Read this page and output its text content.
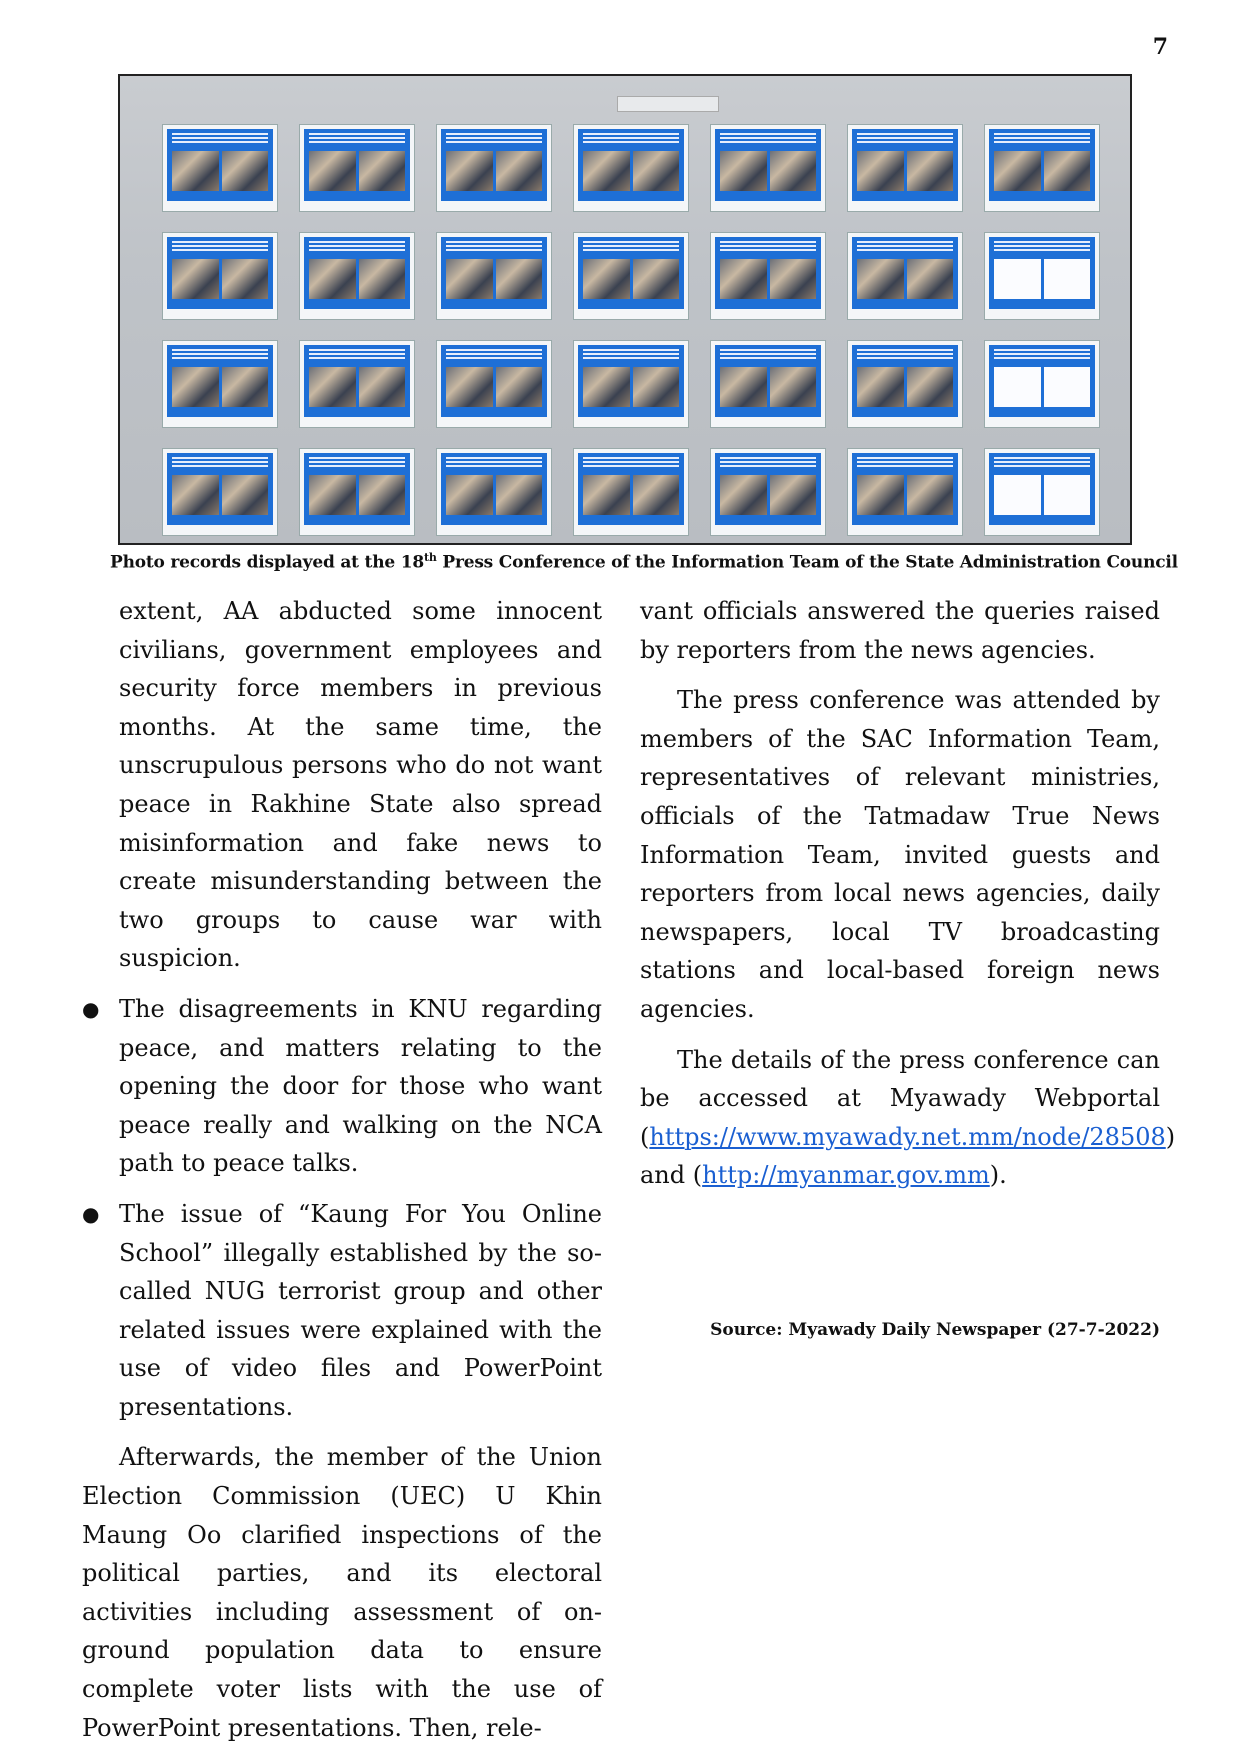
7
Photo records displayed at the 18th Press Conference of the Information Team of the State Administration Council

extent, AA abducted some innocent civilians, government employees and security force members in previous months. At the same time, the unscrupulous persons who do not want peace in Rakhine State also spread misinformation and fake news to create misunderstanding between the two groups to cause war with suspicion.

● The disagreements in KNU regarding peace, and matters relating to the opening the door for those who want peace really and walking on the NCA path to peace talks.
● The issue of “Kaung For You Online School” illegally established by the so-called NUG terrorist group and other related issues were explained with the use of video files and PowerPoint presentations.

Afterwards, the member of the Union Election Commission (UEC) U Khin Maung Oo clarified inspections of the political parties, and its electoral activities including assessment of on-ground population data to ensure complete voter lists with the use of PowerPoint presentations. Then, rele-

vant officials answered the queries raised by reporters from the news agencies.

The press conference was attended by members of the SAC Information Team, representatives of relevant ministries, officials of the Tatmadaw True News Information Team, invited guests and reporters from local news agencies, daily newspapers, local TV broadcasting stations and local-based foreign news agencies.

The details of the press conference can be accessed at Myawady Webportal (https://www.myawady.net.mm/node/28508) and (http://myanmar.gov.mm).

Source: Myawady Daily Newspaper (27-7-2022)
